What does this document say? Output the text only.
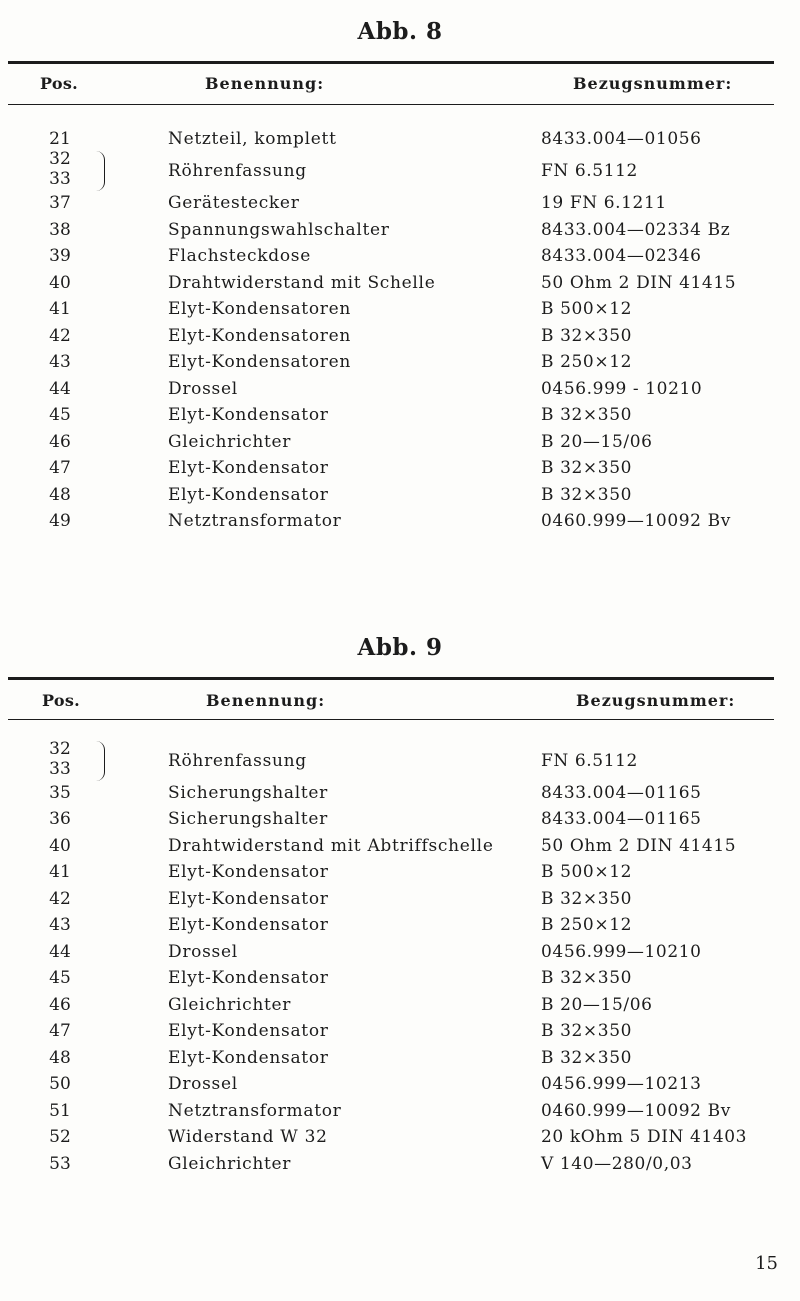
Abb. 8
Pos.	Benennung:	Bezugsnummer:
21	Netzteil, komplett	8433.004—01056
32
33	Röhrenfassung	FN 6.5112
37	Gerätestecker	19 FN 6.1211
38	Spannungswahlschalter	8433.004—02334 Bz
39	Flachsteckdose	8433.004—02346
40	Drahtwiderstand mit Schelle	50 Ohm 2 DIN 41415
41	Elyt-Kondensatoren	B 500×12
42	Elyt-Kondensatoren	B 32×350
43	Elyt-Kondensatoren	B 250×12
44	Drossel	0456.999 - 10210
45	Elyt-Kondensator	B 32×350
46	Gleichrichter	B 20—15/06
47	Elyt-Kondensator	B 32×350
48	Elyt-Kondensator	B 32×350
49	Netztransformator	0460.999—10092 Bv
Abb. 9
Pos.	Benennung:	Bezugsnummer:
32
33	Röhrenfassung	FN 6.5112
35	Sicherungshalter	8433.004—01165
36	Sicherungshalter	8433.004—01165
40	Drahtwiderstand mit Abtriffschelle	50 Ohm 2 DIN 41415
41	Elyt-Kondensator	B 500×12
42	Elyt-Kondensator	B 32×350
43	Elyt-Kondensator	B 250×12
44	Drossel	0456.999—10210
45	Elyt-Kondensator	B 32×350
46	Gleichrichter	B 20—15/06
47	Elyt-Kondensator	B 32×350
48	Elyt-Kondensator	B 32×350
50	Drossel	0456.999—10213
51	Netztransformator	0460.999—10092 Bv
52	Widerstand W 32	20 kOhm 5 DIN 41403
53	Gleichrichter	V 140—280/0,03
15
